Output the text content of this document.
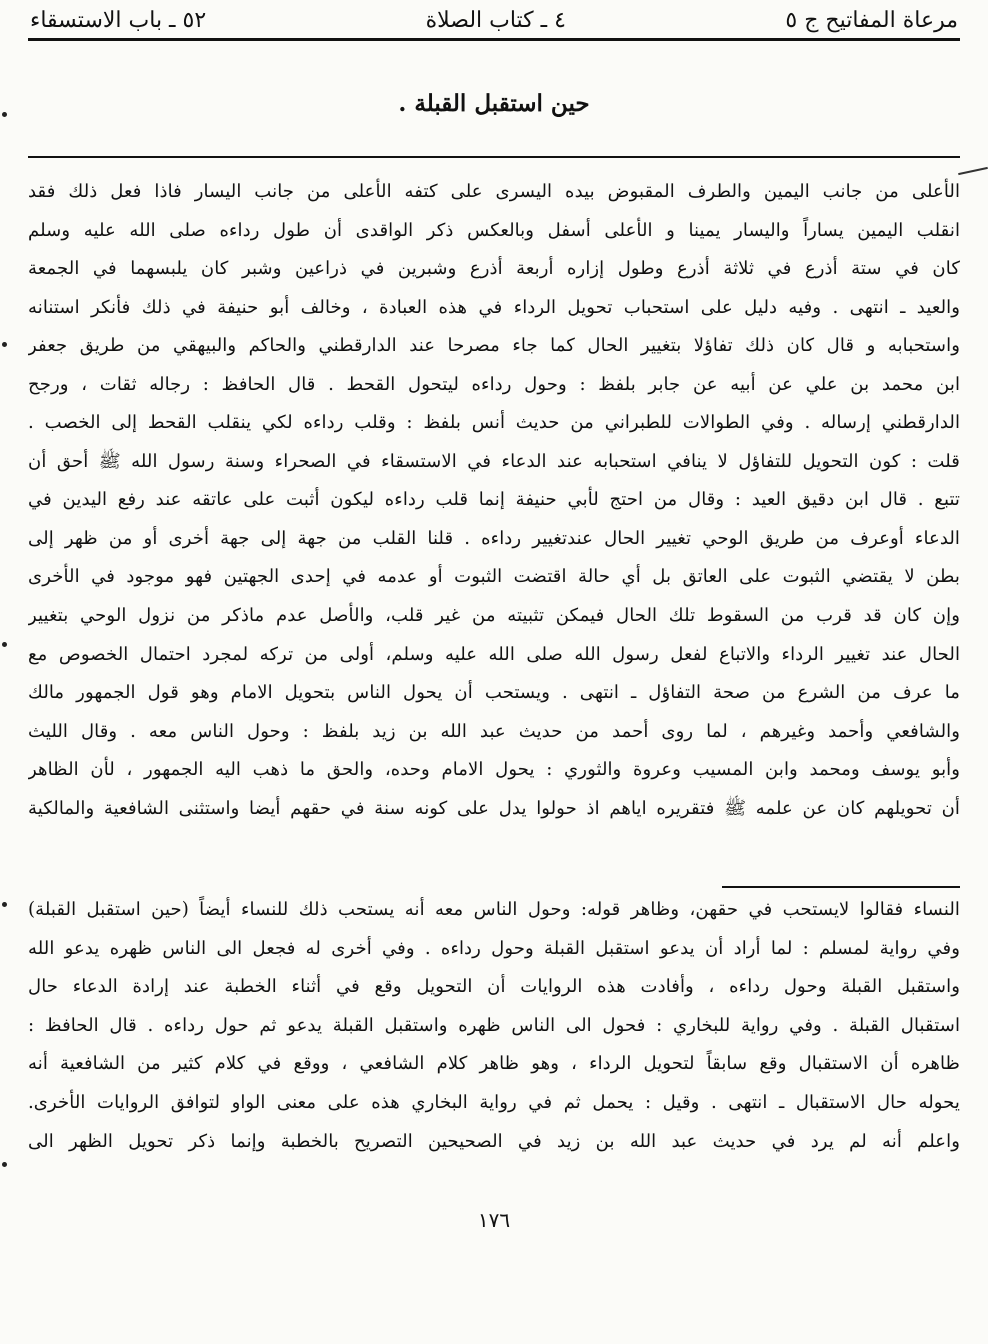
مرعاة المفاتيح ج ٥
٤ ـ كتاب الصلاة
٥٢ ـ باب الاستسقاء
حين استقبل القبلة .
الأعلى من جانب اليمين والطرف المقبوض بيده اليسرى على كتفه الأعلى من جانب اليسار فاذا فعل ذلك فقد
انقلب اليمين يساراً واليسار يمينا و الأعلى أسفل وبالعكس ذكر الواقدى أن طول رداءه صلى الله عليه وسلم
كان في ستة أذرع في ثلاثة أذرع وطول إزاره أربعة أذرع وشبرين في ذراعين وشبر كان يلبسهما في الجمعة
والعيد ـ انتهى . وفيه دليل على استحباب تحويل الرداء في هذه العبادة ، وخالف أبو حنيفة في ذلك فأنكر استنانه
واستحبابه و قال كان ذلك تفاؤلا بتغيير الحال كما جاء مصرحا عند الدارقطني والحاكم والبيهقي من طريق جعفر
ابن محمد بن علي عن أبيه عن جابر بلفظ : وحول رداءه ليتحول القحط . قال الحافظ : رجاله ثقات ، ورجح
الدارقطني إرساله . وفي الطوالات للطبراني من حديث أنس بلفظ : وقلب رداءه لكي ينقلب القحط إلى الخصب .
قلت : كون التحويل للتفاؤل لا ينافي استحبابه عند الدعاء في الاستسقاء في الصحراء وسنة رسول الله ﷺ أحق أن
تتبع . قال ابن دقيق العيد : وقال من احتج لأبي حنيفة إنما قلب رداءه ليكون أثبت على عاتقه عند رفع اليدين في
الدعاء أوعرف من طريق الوحي تغيير الحال عندتغيير رداءه . قلنا القلب من جهة إلى جهة أخرى أو من ظهر إلى
بطن لا يقتضي الثبوت على العاتق بل أي حالة اقتضت الثبوت أو عدمه في إحدى الجهتين فهو موجود في الأخرى
وإن كان قد قرب من السقوط تلك الحال فيمكن تثبيته من غير قلب، والأصل عدم ماذكر من نزول الوحي بتغيير
الحال عند تغيير الرداء والاتباع لفعل رسول الله صلى الله عليه وسلم، أولى من تركه لمجرد احتمال الخصوص مع
ما عرف من الشرع من صحة التفاؤل ـ انتهى . ويستحب أن يحول الناس بتحويل الامام وهو قول الجمهور مالك
والشافعي وأحمد وغيرهم ، لما روى أحمد من حديث عبد الله بن زيد بلفظ : وحول الناس معه . وقال الليث
وأبو يوسف ومحمد وابن المسيب وعروة والثوري : يحول الامام وحده، والحق ما ذهب اليه الجمهور ، لأن الظاهر
أن تحويلهم كان عن علمه ﷺ فتقريره اياهم اذ حولوا يدل على كونه سنة في حقهم أيضا واستثنى الشافعية والمالكية
النساء فقالوا لايستحب في حقهن، وظاهر قوله: وحول الناس معه أنه يستحب ذلك للنساء أيضاً (حين استقبل القبلة)
وفي رواية لمسلم : لما أراد أن يدعو استقبل القبلة وحول رداءه . وفي أخرى له فجعل الى الناس ظهره يدعو الله
واستقبل القبلة وحول رداءه ، وأفادت هذه الروايات أن التحويل وقع في أثناء الخطبة عند إرادة الدعاء حال
استقبال القبلة . وفي رواية للبخاري : فحول الى الناس ظهره واستقبل القبلة يدعو ثم حول رداءه . قال الحافظ :
ظاهره أن الاستقبال وقع سابقاً لتحويل الرداء ، وهو ظاهر كلام الشافعي ، ووقع في كلام كثير من الشافعية أنه
يحوله حال الاستقبال ـ انتهى . وقيل : يحمل ثم في رواية البخاري هذه على معنى الواو لتوافق الروايات الأخرى.
واعلم أنه لم يرد في حديث عبد الله بن زيد في الصحيحين التصريح بالخطبة وإنما ذكر تحويل الظهر الى
١٧٦
